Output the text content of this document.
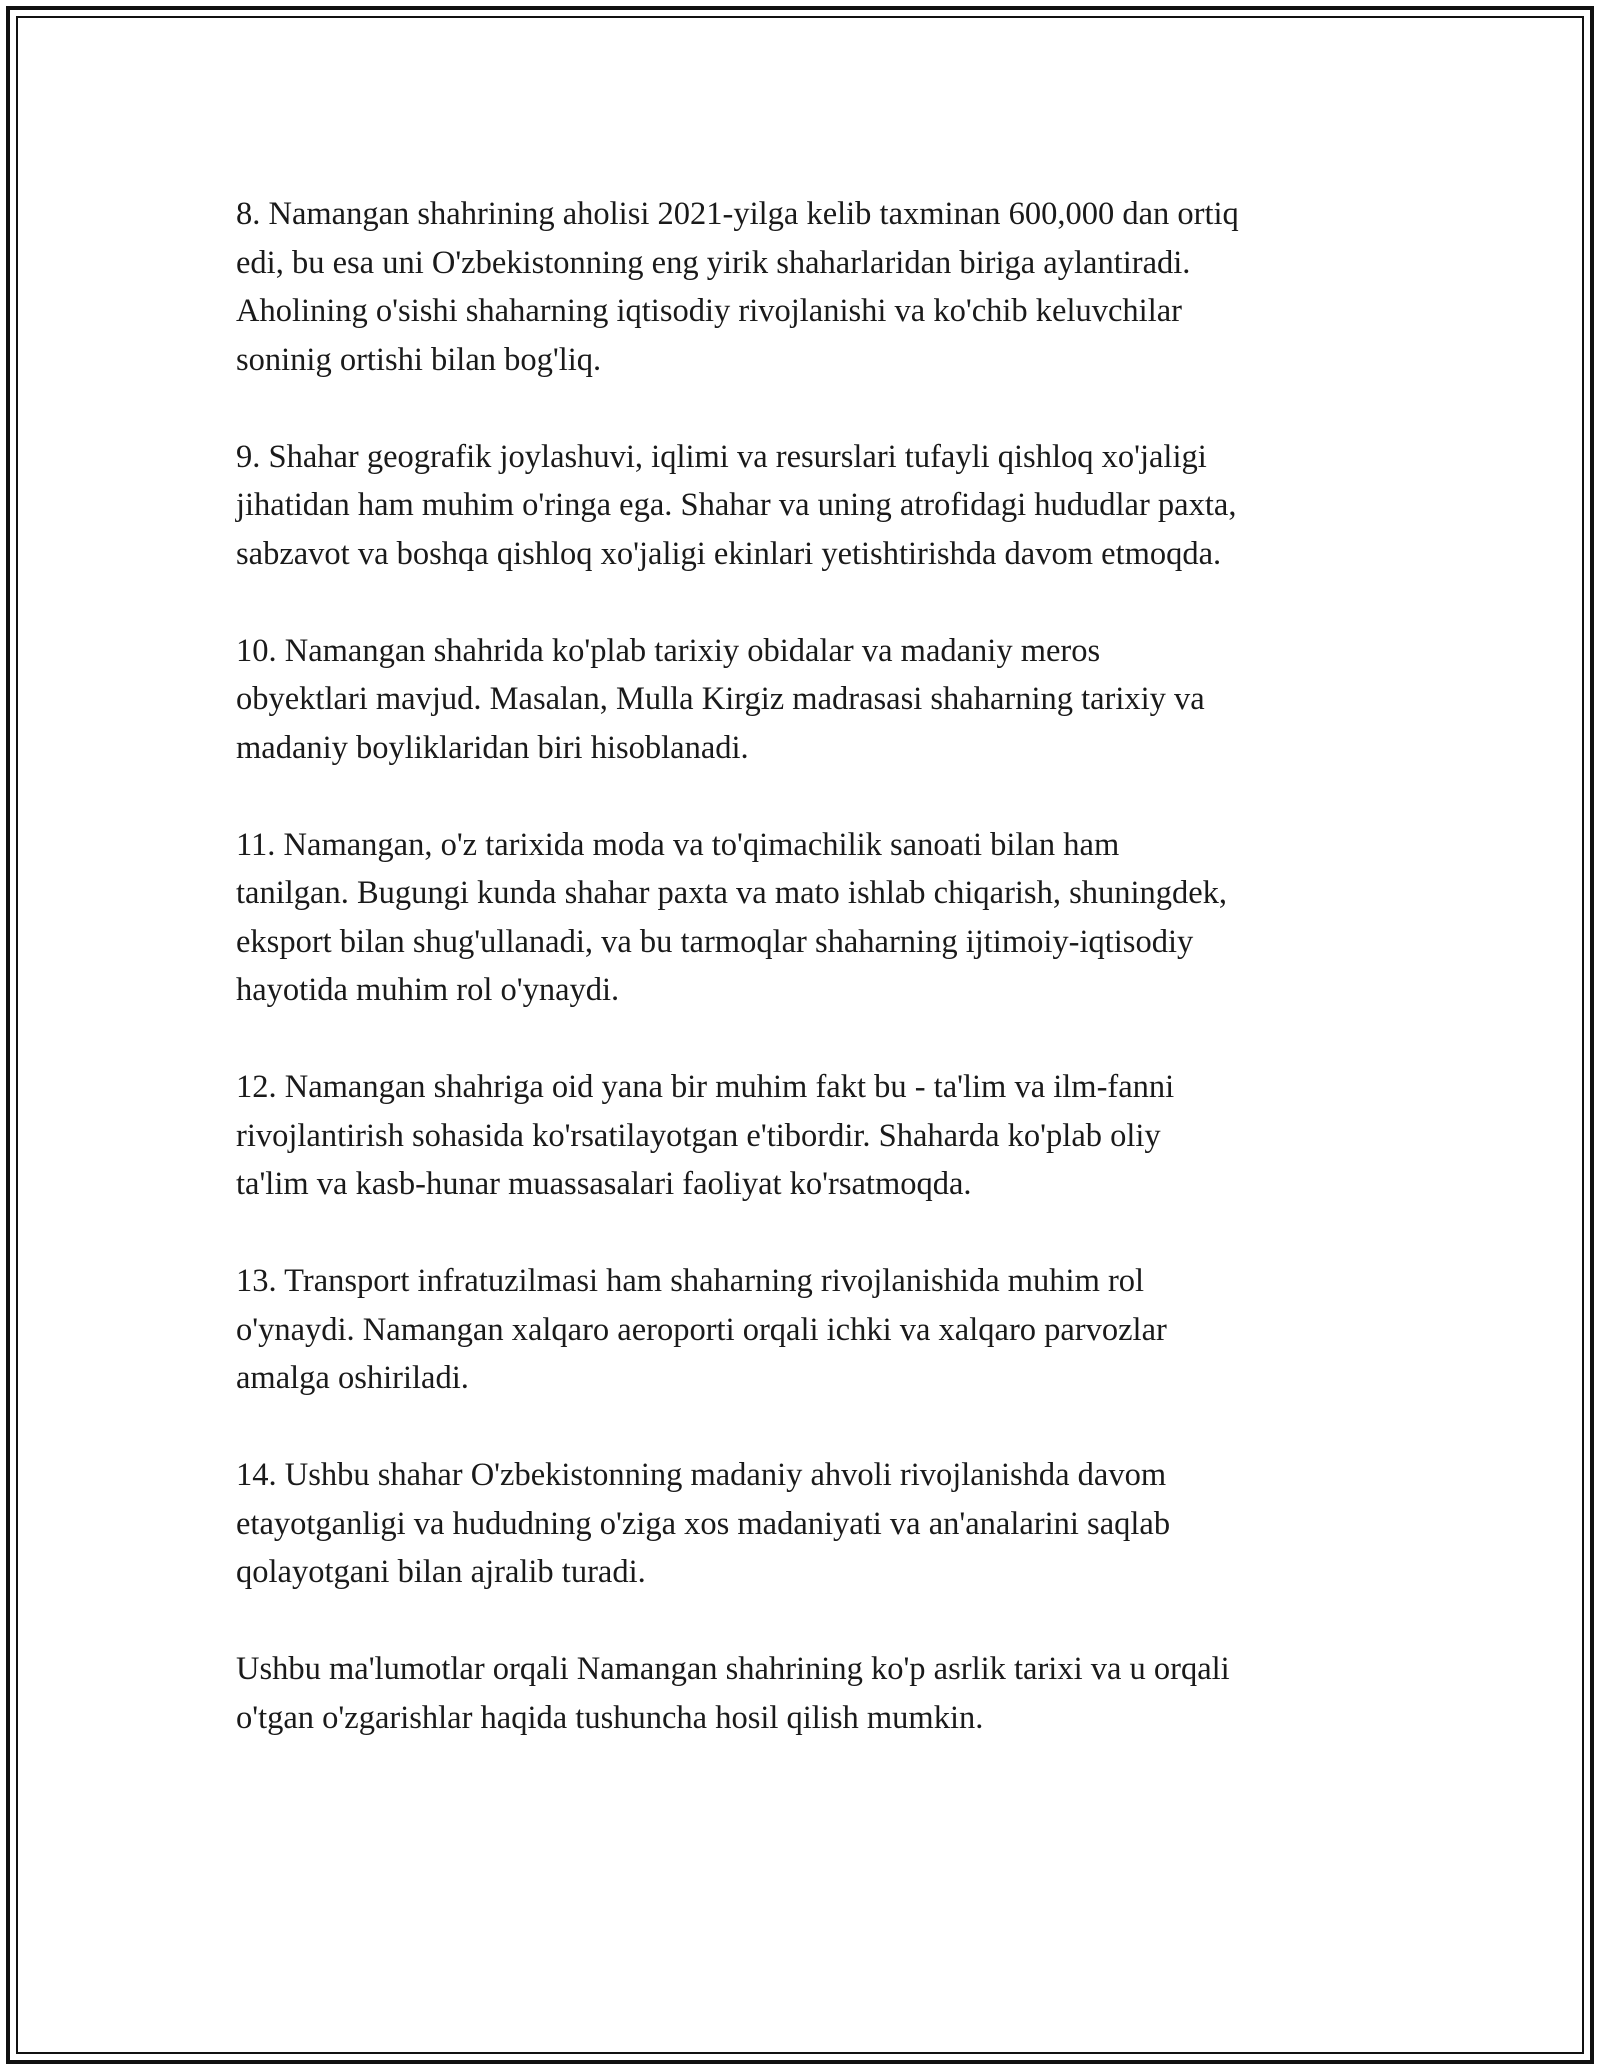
8. Namangan shahrining aholisi 2021-yilga kelib taxminan 600,000 dan ortiq
edi, bu esa uni O'zbekistonning eng yirik shaharlaridan biriga aylantiradi.
Aholining o'sishi shaharning iqtisodiy rivojlanishi va ko'chib keluvchilar
soninig ortishi bilan bog'liq.

9. Shahar geografik joylashuvi, iqlimi va resurslari tufayli qishloq xo'jaligi
jihatidan ham muhim o'ringa ega. Shahar va uning atrofidagi hududlar paxta,
sabzavot va boshqa qishloq xo'jaligi ekinlari yetishtirishda davom etmoqda.

10. Namangan shahrida ko'plab tarixiy obidalar va madaniy meros
obyektlari mavjud. Masalan, Mulla Kirgiz madrasasi shaharning tarixiy va
madaniy boyliklaridan biri hisoblanadi.

11. Namangan, o'z tarixida moda va to'qimachilik sanoati bilan ham
tanilgan. Bugungi kunda shahar paxta va mato ishlab chiqarish, shuningdek,
eksport bilan shug'ullanadi, va bu tarmoqlar shaharning ijtimoiy-iqtisodiy
hayotida muhim rol o'ynaydi.

12. Namangan shahriga oid yana bir muhim fakt bu - ta'lim va ilm-fanni
rivojlantirish sohasida ko'rsatilayotgan e'tibordir. Shaharda ko'plab oliy
ta'lim va kasb-hunar muassasalari faoliyat ko'rsatmoqda.

13. Transport infratuzilmasi ham shaharning rivojlanishida muhim rol
o'ynaydi. Namangan xalqaro aeroporti orqali ichki va xalqaro parvozlar
amalga oshiriladi.

14. Ushbu shahar O'zbekistonning madaniy ahvoli rivojlanishda davom
etayotganligi va hududning o'ziga xos madaniyati va an'analarini saqlab
qolayotgani bilan ajralib turadi.

Ushbu ma'lumotlar orqali Namangan shahrining ko'p asrlik tarixi va u orqali
o'tgan o'zgarishlar haqida tushuncha hosil qilish mumkin.
